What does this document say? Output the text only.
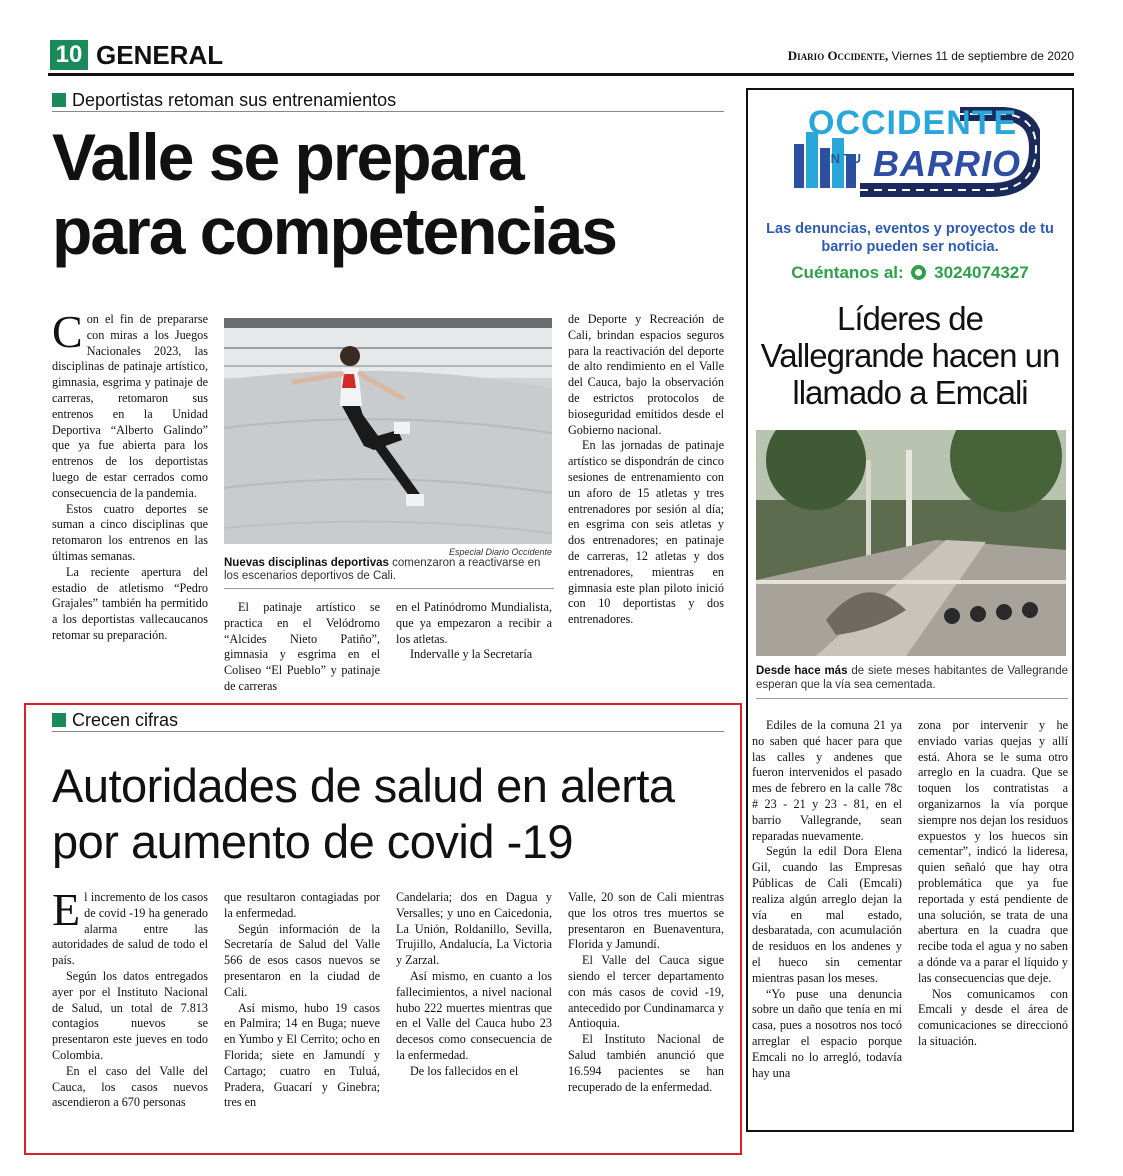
10 GENERAL	Diario Occidente, Viernes 11 de septiembre de 2020
Deportistas retoman sus entrenamientos
Valle se prepara
para competencias

Con el fin de prepararse con miras a los Juegos Nacionales 2023, las disciplinas de patinaje artístico, gimnasia, esgrima y patinaje de carreras, retomaron sus entrenos en la Unidad Deportiva “Alberto Galindo” que ya fue abierta para los entrenos de los deportistas luego de estar cerrados como consecuencia de la pandemia.

Estos cuatro deportes se suman a cinco disciplinas que retomaron los entrenos en las últimas semanas.

La reciente apertura del estadio de atletismo “Pedro Grajales” también ha permitido a los deportistas vallecaucanos retomar su preparación.

Especial Diario Occidente
Nuevas disciplinas deportivas comenzaron a reactivarse en los escenarios deportivos de Cali.

El patinaje artístico se practica en el Velódromo “Alcides Nieto Patiño”, gimnasia y esgrima en el Coliseo “El Pueblo” y patinaje de carreras

en el Patinódromo Mundialista, que ya empezaron a recibir a los atletas.

Indervalle y la Secretaría

de Deporte y Recreación de Cali, brindan espacios seguros para la reactivación del deporte de alto rendimiento en el Valle del Cauca, bajo la observación de estrictos protocolos de bioseguridad emitidos desde el Gobierno nacional.

En las jornadas de patinaje artístico se dispondrán de cinco sesiones de entrenamiento con un aforo de 15 atletas y tres entrenadores por sesión al día; en esgrima con seis atletas y dos entrenadores; en patinaje de carreras, 12 atletas y dos entrenadores, mientras en gimnasia este plan piloto inició con 10 deportistas y dos entrenadores.

Crecen cifras
Autoridades de salud en alerta
por aumento de covid -19

El incremento de los casos de covid -19 ha generado alarma entre las autoridades de salud de todo el país.

Según los datos entregados ayer por el Instituto Nacional de Salud, un total de 7.813 contagios nuevos se presentaron este jueves en todo Colombia.

En el caso del Valle del Cauca, los casos nuevos ascendieron a 670 personas

que resultaron contagiadas por la enfermedad.

Según información de la Secretaría de Salud del Valle 566 de esos casos nuevos se presentaron en la ciudad de Cali.

Así mismo, hubo 19 casos en Palmira; 14 en Buga; nueve en Yumbo y El Cerrito; ocho en Florida; siete en Jamundí y Cartago; cuatro en Tuluá, Pradera, Guacarí y Ginebra; tres en

Candelaria; dos en Dagua y Versalles; y uno en Caicedonia, La Unión, Roldanillo, Sevilla, Trujillo, Andalucía, La Victoria y Zarzal.

Así mismo, en cuanto a los fallecimientos, a nivel nacional hubo 222 muertes mientras que en el Valle del Cauca hubo 23 decesos como consecuencia de la enfermedad.

De los fallecidos en el

Valle, 20 son de Cali mientras que los otros tres muertos se presentaron en Buenaventura, Florida y Jamundí.

El Valle del Cauca sigue siendo el tercer departamento con más casos de covid -19, antecedido por Cundinamarca y Antioquia.

El Instituto Nacional de Salud también anunció que 16.594 pacientes se han recuperado de la enfermedad.

OCCIDENTE
EN TU BARRIO
Las denuncias, eventos y proyectos de tu barrio pueden ser noticia.
Cuéntanos al: 3024074327
Líderes de Vallegrande hacen un llamado a Emcali
Desde hace más de siete meses habitantes de Vallegrande esperan que la vía sea cementada.

Ediles de la comuna 21 ya no saben qué hacer para que las calles y andenes que fueron intervenidos el pasado mes de febrero en la calle 78c # 23 - 21 y 23 - 81, en el barrio Vallegrande, sean reparadas nuevamente.

Según la edil Dora Elena Gil, cuando las Empresas Públicas de Cali (Emcali) realiza algún arreglo dejan la vía en mal estado, desbaratada, con acumulación de residuos en los andenes y el hueco sin cementar mientras pasan los meses.

“Yo puse una denuncia sobre un daño que tenía en mi casa, pues a nosotros nos tocó arreglar el espacio porque Emcali no lo arregló, todavía hay una

zona por intervenir y he enviado varias quejas y allí está. Ahora se le suma otro arreglo en la cuadra. Que se toquen los contratistas a organizarnos la vía porque siempre nos dejan los residuos expuestos y los huecos sin cementar”, indicó la lideresa, quien señaló que hay otra problemática que ya fue reportada y está pendiente de una solución, se trata de una abertura en la cuadra que recibe toda el agua y no saben a dónde va a parar el líquido y las consecuencias que deje.

Nos comunicamos con Emcali y desde el área de comunicaciones se direccionó la situación.
